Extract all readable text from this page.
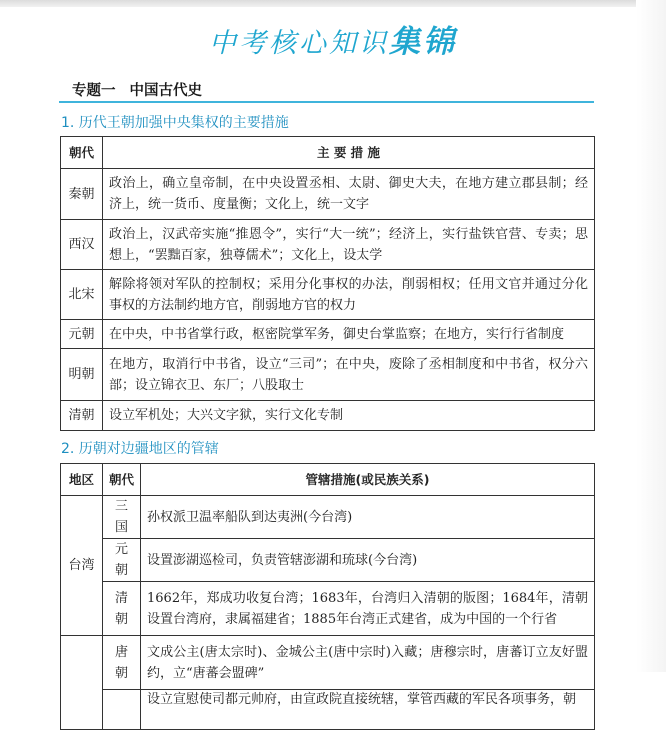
中考核心知识集锦
专题一 中国古代史
1. 历代王朝加强中央集权的主要措施
朝代	主 要 措 施
秦朝	政治上，确立皇帝制，在中央设置丞相、太尉、御史大夫，在地方建立郡县制；经济上，统一货币、度量衡；文化上，统一文字
西汉	政治上，汉武帝实施“推恩令”，实行“大一统”；经济上，实行盐铁官营、专卖；思想上，“罢黜百家，独尊儒术”；文化上，设太学
北宋	解除将领对军队的控制权；采用分化事权的办法，削弱相权；任用文官并通过分化事权的方法制约地方官，削弱地方官的权力
元朝	在中央，中书省掌行政，枢密院掌军务，御史台掌监察；在地方，实行行省制度
明朝	在地方，取消行中书省，设立“三司”；在中央，废除了丞相制度和中书省，权分六部；设立锦衣卫、东厂；八股取士
清朝	设立军机处；大兴文字狱，实行文化专制
2. 历朝对边疆地区的管辖
地区	朝代	管辖措施(或民族关系)
台湾	三国	孙权派卫温率船队到达夷洲(今台湾)
	元朝	设置澎湖巡检司，负责管辖澎湖和琉球(今台湾)
	清朝	1662年，郑成功收复台湾；1683年，台湾归入清朝的版图；1684年，清朝设置台湾府，隶属福建省；1885年台湾正式建省，成为中国的一个行省
	唐朝	文成公主(唐太宗时)、金城公主(唐中宗时)入藏；唐穆宗时，唐蕃订立友好盟约，立“唐蕃会盟碑”
		设立宣慰使司都元帅府，由宣政院直接统辖，掌管西藏的军民各项事务，朝
